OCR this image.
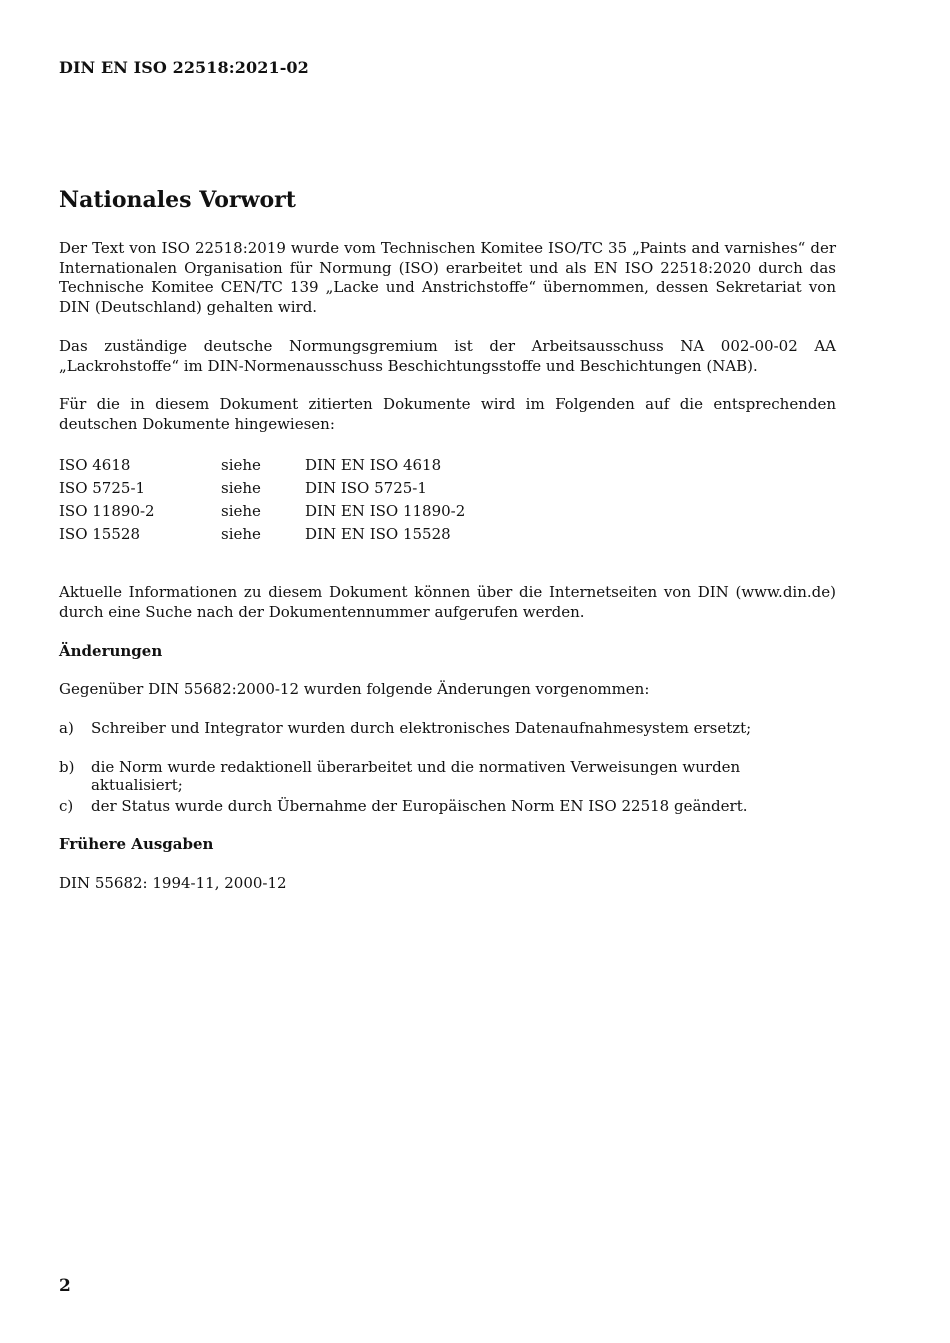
DIN EN ISO 22518:2021-02
Nationales Vorwort
Der Text von ISO 22518:2019 wurde vom Technischen Komitee ISO/TC 35 „Paints and varnishes“ der Internationalen Organisation für Normung (ISO) erarbeitet und als EN ISO 22518:2020 durch das Technische Komitee CEN/TC 139 „Lacke und Anstrichstoffe“ übernommen, dessen Sekretariat von DIN (Deutschland) gehalten wird.
Das zuständige deutsche Normungsgremium ist der Arbeitsausschuss NA 002-00-02 AA „Lackrohstoffe“ im DIN-Normenausschuss Beschichtungsstoffe und Beschichtungen (NAB).
Für die in diesem Dokument zitierten Dokumente wird im Folgenden auf die entsprechenden deutschen Dokumente hingewiesen:
ISO 4618	siehe	DIN EN ISO 4618
ISO 5725-1	siehe	DIN ISO 5725-1
ISO 11890-2	siehe	DIN EN ISO 11890-2
ISO 15528	siehe	DIN EN ISO 15528
Aktuelle Informationen zu diesem Dokument können über die Internetseiten von DIN (www.din.de) durch eine Suche nach der Dokumentennummer aufgerufen werden.
Änderungen
Gegenüber DIN 55682:2000-12 wurden folgende Änderungen vorgenommen:
a)	Schreiber und Integrator wurden durch elektronisches Datenaufnahmesystem ersetzt;
b)	die Norm wurde redaktionell überarbeitet und die normativen Verweisungen wurden aktualisiert;
c)	der Status wurde durch Übernahme der Europäischen Norm EN ISO 22518 geändert.
Frühere Ausgaben
DIN 55682: 1994-11, 2000-12
2
